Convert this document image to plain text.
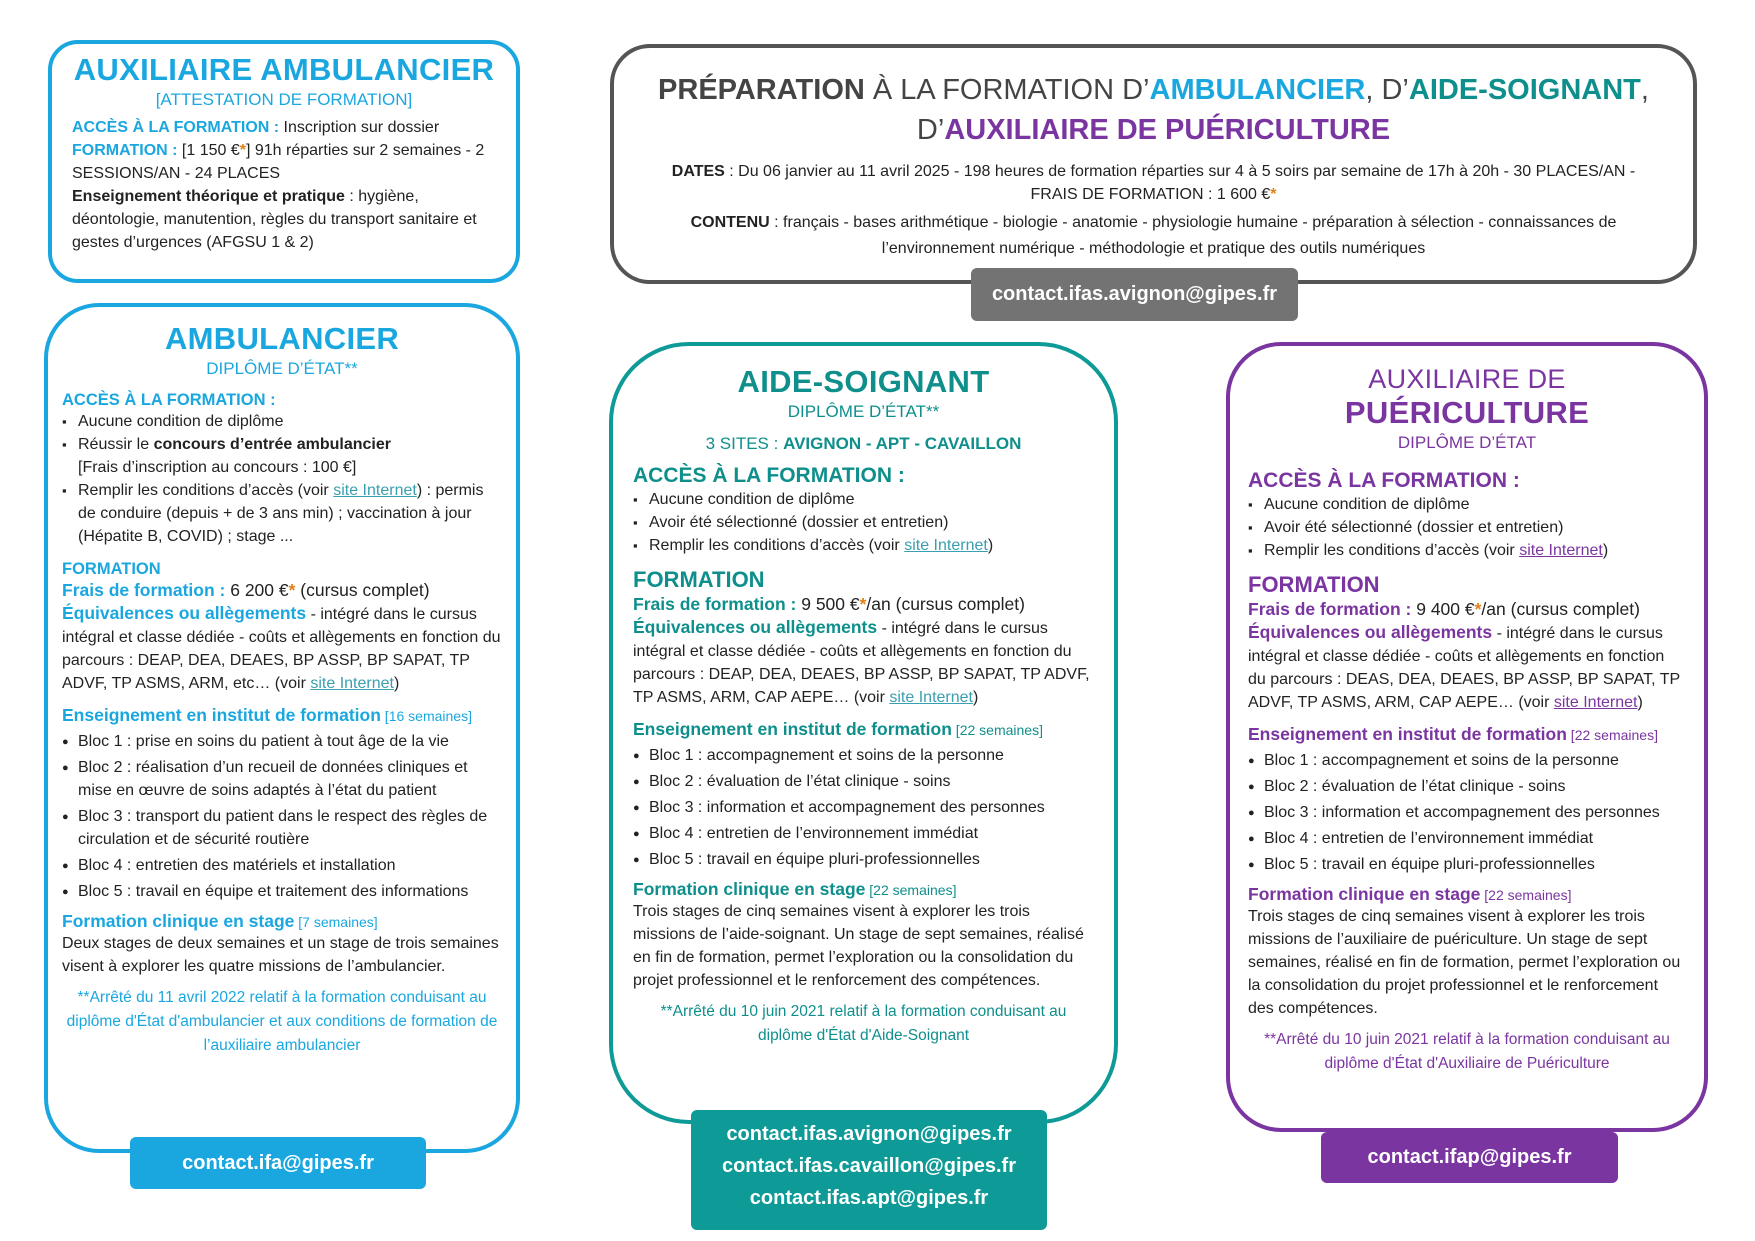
AUXILIAIRE AMBULANCIER
[ATTESTATION DE FORMATION]

ACCÈS À LA FORMATION : Inscription sur dossier

FORMATION : [1 150 €*] 91h réparties sur 2 semaines - 2 SESSIONS/AN - 24 PLACES

Enseignement théorique et pratique : hygiène, déontologie, manutention, règles du transport sanitaire et gestes d’urgences (AFGSU 1 & 2)

PRÉPARATION À LA FORMATION D’AMBULANCIER, D’AIDE-SOIGNANT,
D’AUXILIAIRE DE PUÉRICULTURE

DATES : Du 06 janvier au 11 avril 2025 - 198 heures de formation réparties sur 4 à 5 soirs par semaine de 17h à 20h - 30 PLACES/AN - FRAIS DE FORMATION : 1 600 €*

CONTENU : français - bases arithmétique - biologie - anatomie - physiologie humaine - préparation à sélection - connaissances de l’environnement numérique - méthodologie et pratique des outils numériques

contact.ifas.avignon@gipes.fr
AMBULANCIER
DIPLÔME D’ÉTAT**
ACCÈS À LA FORMATION :
▪ Aucune condition de diplôme
▪ Réussir le concours d’entrée ambulancier
[Frais d’inscription au concours : 100 €]
▪ Remplir les conditions d’accès (voir site Internet) : permis de conduire (depuis + de 3 ans min) ; vaccination à jour (Hépatite B, COVID) ; stage ...
FORMATION

Frais de formation : 6 200 €* (cursus complet)

Équivalences ou allègements - intégré dans le cursus intégral et classe dédiée - coûts et allègements en fonction du parcours : DEAP, DEA, DEAES, BP ASSP, BP SAPAT, TP ADVF, TP ASMS, ARM, etc… (voir site Internet)

Enseignement en institut de formation [16 semaines]
● Bloc 1 : prise en soins du patient à tout âge de la vie
● Bloc 2 : réalisation d’un recueil de données cliniques et mise en œuvre de soins adaptés à l’état du patient
● Bloc 3 : transport du patient dans le respect des règles de circulation et de sécurité routière
● Bloc 4 : entretien des matériels et installation
● Bloc 5 : travail en équipe et traitement des informations
Formation clinique en stage [7 semaines]

Deux stages de deux semaines et un stage de trois semaines visent à explorer les quatre missions de l’ambulancier.

**Arrêté du 11 avril 2022 relatif à la formation conduisant au diplôme d'État d'ambulancier et aux conditions de formation de l’auxiliaire ambulancier
contact.ifa@gipes.fr
AIDE-SOIGNANT
DIPLÔME D’ÉTAT**
3 SITES : AVIGNON - APT - CAVAILLON
ACCÈS À LA FORMATION :
▪ Aucune condition de diplôme
▪ Avoir été sélectionné (dossier et entretien)
▪ Remplir les conditions d’accès (voir site Internet)
FORMATION

Frais de formation : 9 500 €*/an (cursus complet)

Équivalences ou allègements - intégré dans le cursus intégral et classe dédiée - coûts et allègements en fonction du parcours : DEAP, DEA, DEAES, BP ASSP, BP SAPAT, TP ADVF, TP ASMS, ARM, CAP AEPE… (voir site Internet)

Enseignement en institut de formation [22 semaines]
● Bloc 1 : accompagnement et soins de la personne
● Bloc 2 : évaluation de l’état clinique - soins
● Bloc 3 : information et accompagnement des personnes
● Bloc 4 : entretien de l’environnement immédiat
● Bloc 5 : travail en équipe pluri-professionnelles
Formation clinique en stage [22 semaines]

Trois stages de cinq semaines visent à explorer les trois missions de l’aide-soignant. Un stage de sept semaines, réalisé en fin de formation, permet l’exploration ou la consolidation du projet professionnel et le renforcement des compétences.

**Arrêté du 10 juin 2021 relatif à la formation conduisant au diplôme d'État d'Aide-Soignant
contact.ifas.avignon@gipes.fr
contact.ifas.cavaillon@gipes.fr
contact.ifas.apt@gipes.fr
AUXILIAIRE DE PUÉRICULTURE
DIPLÔME D’ÉTAT
ACCÈS À LA FORMATION :
▪ Aucune condition de diplôme
▪ Avoir été sélectionné (dossier et entretien)
▪ Remplir les conditions d’accès (voir site Internet)
FORMATION

Frais de formation : 9 400 €*/an (cursus complet)

Équivalences ou allègements - intégré dans le cursus intégral et classe dédiée - coûts et allègements en fonction du parcours : DEAS, DEA, DEAES, BP ASSP, BP SAPAT, TP ADVF, TP ASMS, ARM, CAP AEPE… (voir site Internet)

Enseignement en institut de formation [22 semaines]
● Bloc 1 : accompagnement et soins de la personne
● Bloc 2 : évaluation de l’état clinique - soins
● Bloc 3 : information et accompagnement des personnes
● Bloc 4 : entretien de l’environnement immédiat
● Bloc 5 : travail en équipe pluri-professionnelles
Formation clinique en stage [22 semaines]

Trois stages de cinq semaines visent à explorer les trois missions de l’auxiliaire de puériculture. Un stage de sept semaines, réalisé en fin de formation, permet l’exploration ou la consolidation du projet professionnel et le renforcement des compétences.

**Arrêté du 10 juin 2021 relatif à la formation conduisant au diplôme d'État d'Auxiliaire de Puériculture
contact.ifap@gipes.fr
